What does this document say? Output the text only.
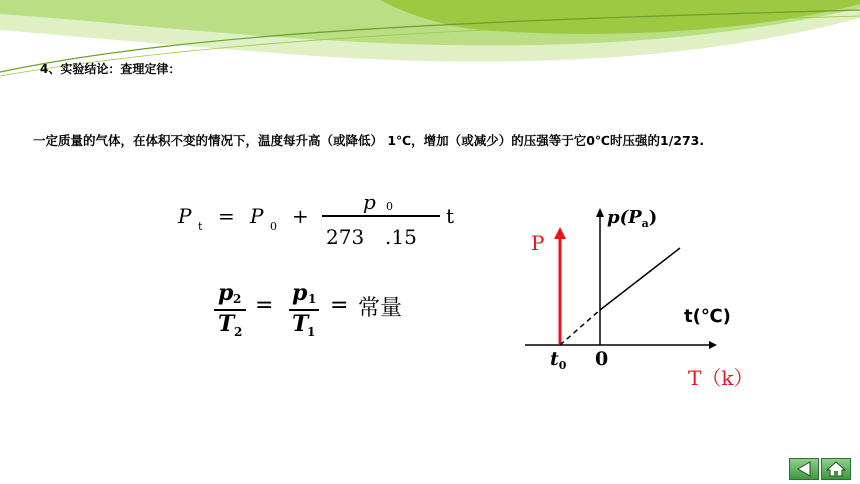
4、实验结论：查理定律：
一定质量的气体，在体积不变的情况下，温度每升高（或降低） 1℃，增加（或减少）的压强等于它0℃时压强的1/273.
P t = P 0 +
p 0
273 .15
t
p 2
T 2
= p 1
T
1
= 常量
$p(P_a)$
P
t(℃)
$t_0$ 0
T（k）
